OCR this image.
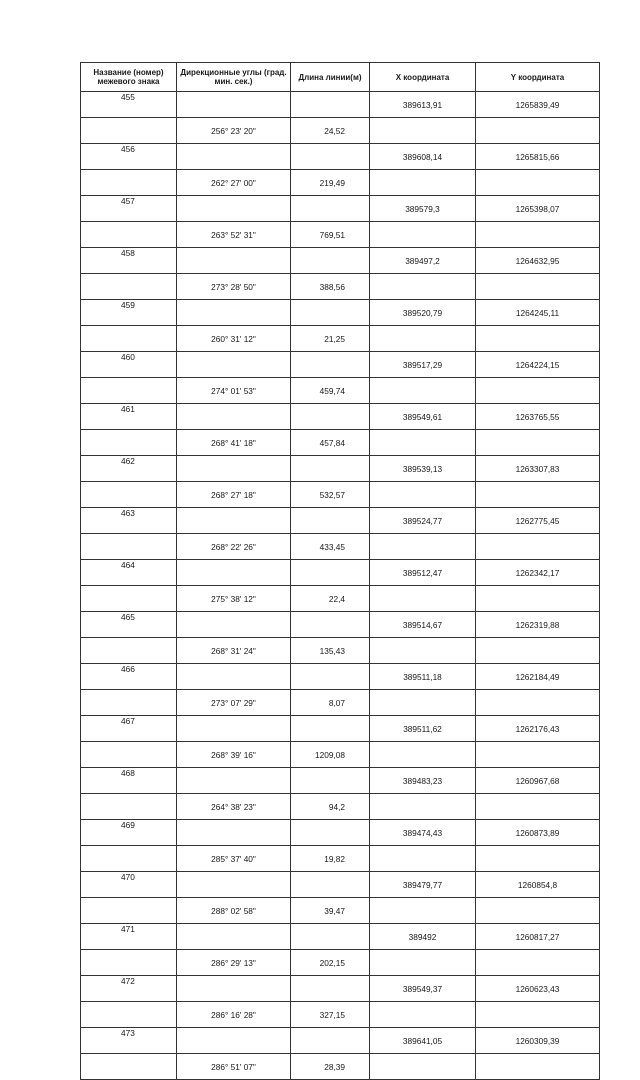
Название (номер) межевого знака	Дирекционные углы (град. мин. сек.)	Длина линии(м)	X координата	Y координата
455			389613,91	1265839,49
	256° 23' 20"	24,52		
456			389608,14	1265815,66
	262° 27' 00"	219,49		
457			389579,3	1265398,07
	263° 52' 31"	769,51		
458			389497,2	1264632,95
	273° 28' 50"	388,56		
459			389520,79	1264245,11
	260° 31' 12"	21,25		
460			389517,29	1264224,15
	274° 01' 53"	459,74		
461			389549,61	1263765,55
	268° 41' 18"	457,84		
462			389539,13	1263307,83
	268° 27' 18"	532,57		
463			389524,77	1262775,45
	268° 22' 26"	433,45		
464			389512,47	1262342,17
	275° 38' 12"	22,4		
465			389514,67	1262319,88
	268° 31' 24"	135,43		
466			389511,18	1262184,49
	273° 07' 29"	8,07		
467			389511,62	1262176,43
	268° 39' 16"	1209,08		
468			389483,23	1260967,68
	264° 38' 23"	94,2		
469			389474,43	1260873,89
	285° 37' 40"	19,82		
470			389479,77	1260854,8
	288° 02' 58"	39,47		
471			389492	1260817,27
	286° 29' 13"	202,15		
472			389549,37	1260623,43
	286° 16' 28"	327,15		
473			389641,05	1260309,39
	286° 51' 07"	28,39		
